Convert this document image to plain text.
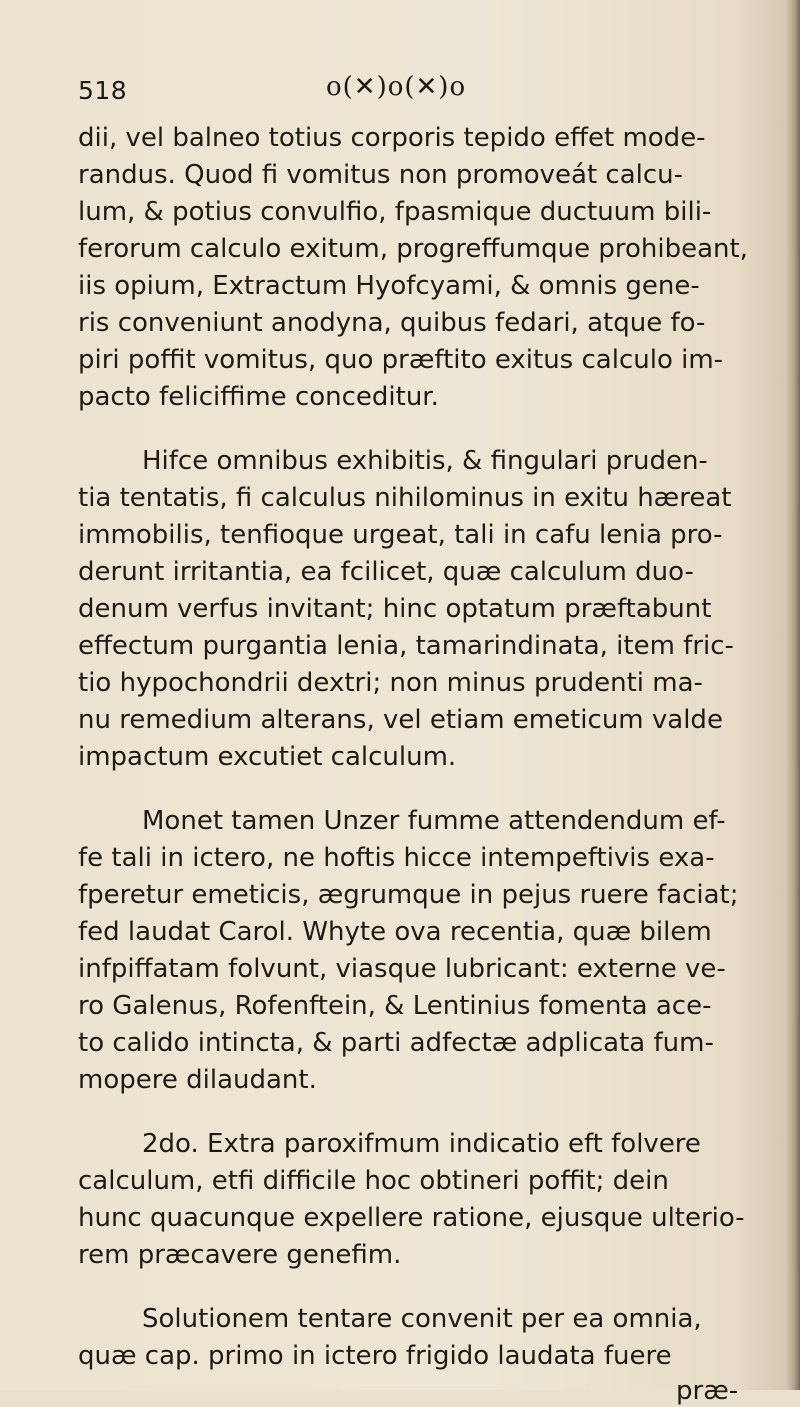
518	o(✕)o(✕)o

dii, vel balneo totius corporis tepido effet mode-
randus. Quod fi vomitus non promoveát calcu-
lum, & potius convulfio, fpasmique ductuum bili-
ferorum calculo exitum, progreffumque prohibeant,
iis opium, Extractum Hyofcyami, & omnis gene-
ris conveniunt anodyna, quibus fedari, atque fo-
piri poffit vomitus, quo præftito exitus calculo im-
pacto feliciffime conceditur.

Hifce omnibus exhibitis, & fingulari pruden-
tia tentatis, fi calculus nihilominus in exitu hæreat
immobilis, tenfioque urgeat, tali in cafu lenia pro-
derunt irritantia, ea fcilicet, quæ calculum duo-
denum verfus invitant; hinc optatum præftabunt
effectum purgantia lenia, tamarindinata, item fric-
tio hypochondrii dextri; non minus prudenti ma-
nu remedium alterans, vel etiam emeticum valde
impactum excutiet calculum.

Monet tamen Unzer fumme attendendum ef-
fe tali in ictero, ne hoftis hicce intempeftivis exa-
fperetur emeticis, ægrumque in pejus ruere faciat;
fed laudat Carol. Whyte ova recentia, quæ bilem
infpiffatam folvunt, viasque lubricant: externe ve-
ro Galenus, Rofenftein, & Lentinius fomenta ace-
to calido intincta, & parti adfectæ adplicata fum-
mopere dilaudant.

2do. Extra paroxifmum indicatio eft folvere
calculum, etfi difficile hoc obtineri poffit; dein
hunc quacunque expellere ratione, ejusque ulterio-
rem præcavere genefim.

Solutionem tentare convenit per ea omnia,
quæ cap. primo in ictero frigido laudata fuere
præ-
